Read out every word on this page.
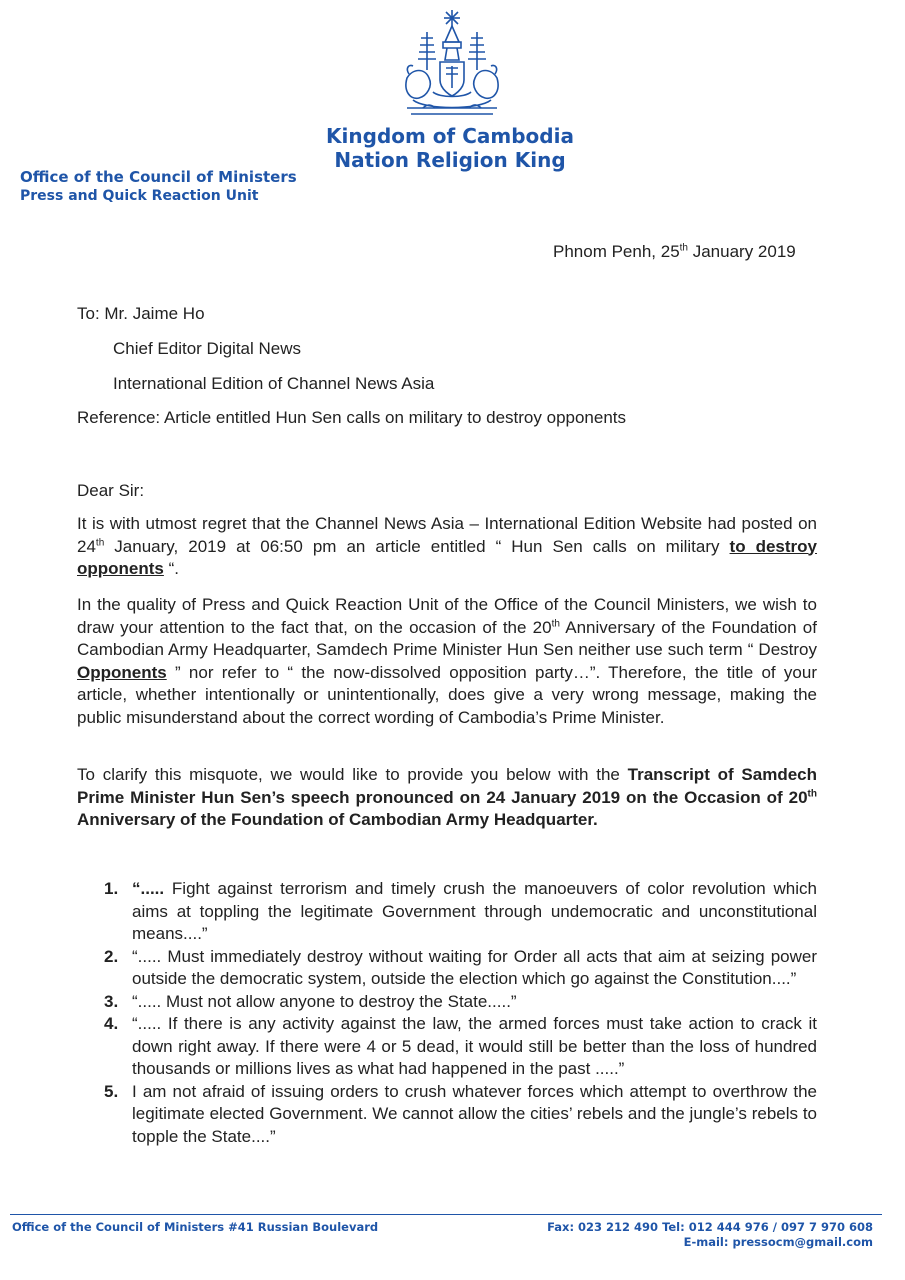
Kingdom of Cambodia
Nation Religion King
Office of the Council of Ministers
Press and Quick Reaction Unit
Phnom Penh, 25th January 2019
To: Mr. Jaime Ho
Chief Editor Digital News
International Edition of Channel News Asia
Reference: Article entitled Hun Sen calls on military to destroy opponents
Dear Sir:
It is with utmost regret that the Channel News Asia – International Edition Website had posted on 24th January, 2019 at 06:50 pm an article entitled “ Hun Sen calls on military to destroy opponents “.
In the quality of Press and Quick Reaction Unit of the Office of the Council Ministers, we wish to draw your attention to the fact that, on the occasion of the 20th Anniversary of the Foundation of Cambodian Army Headquarter, Samdech Prime Minister Hun Sen neither use such term “ Destroy Opponents ” nor refer to “ the now-dissolved opposition party…”. Therefore, the title of your article, whether intentionally or unintentionally, does give a very wrong message, making the public misunderstand about the correct wording of Cambodia’s Prime Minister.
To clarify this misquote, we would like to provide you below with the Transcript of Samdech Prime Minister Hun Sen’s speech pronounced on 24 January 2019 on the Occasion of 20th Anniversary of the Foundation of Cambodian Army Headquarter.
1. “..... Fight against terrorism and timely crush the manoeuvers of color revolution which aims at toppling the legitimate Government through undemocratic and unconstitutional means....”
2. “..... Must immediately destroy without waiting for Order all acts that aim at seizing power outside the democratic system, outside the election which go against the Constitution....”
3. “..... Must not allow anyone to destroy the State.....”
4. “..... If there is any activity against the law, the armed forces must take action to crack it down right away. If there were 4 or 5 dead, it would still be better than the loss of hundred thousands or millions lives as what had happened in the past .....”
5. I am not afraid of issuing orders to crush whatever forces which attempt to overthrow the legitimate elected Government. We cannot allow the cities’ rebels and the jungle’s rebels to topple the State....”
Office of the Council of Ministers #41 Russian Boulevard	Fax: 023 212 490 Tel: 012 444 976 / 097 7 970 608
E-mail: pressocm@gmail.com
